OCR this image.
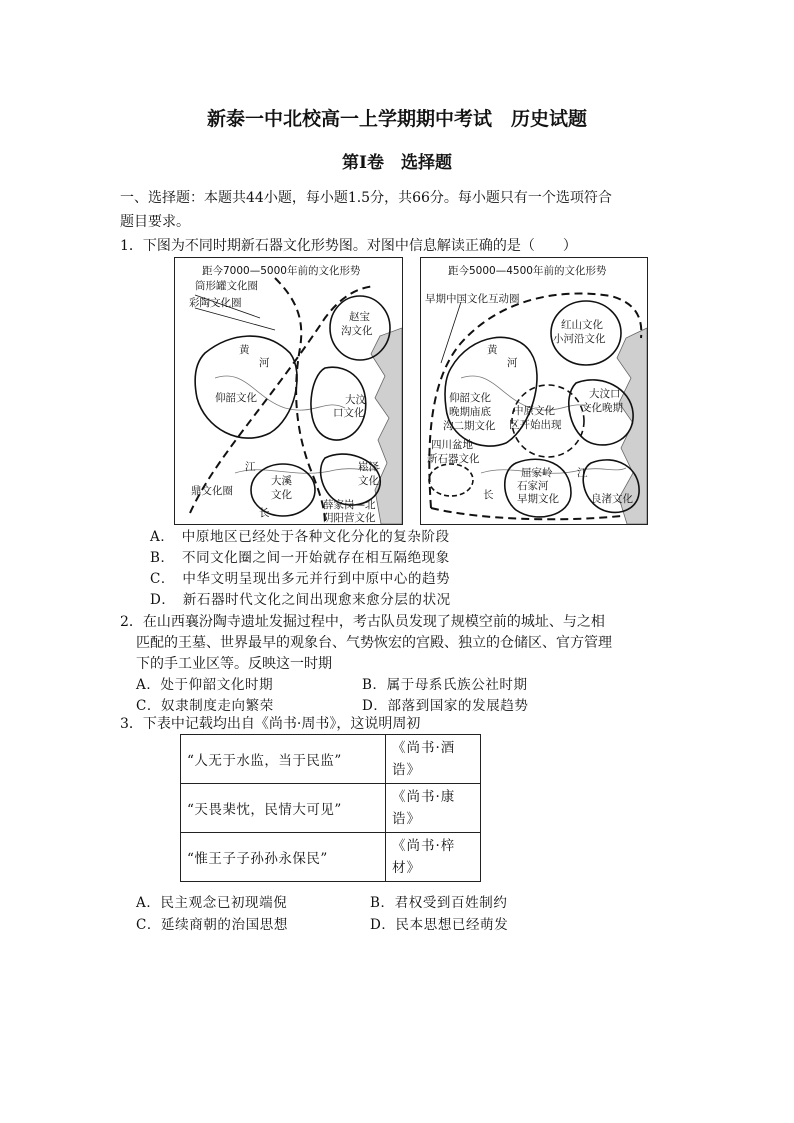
新泰一中北校高一上学期期中考试　历史试题
第Ⅰ卷　选择题
一、选择题：本题共44小题，每小题1.5分，共66分。每小题只有一个选项符合
题目要求。
1．下图为不同时期新石器文化形势图。对图中信息解读正确的是（　　）
距今7000—5000年前的文化形势
筒形罐文化圈
彩陶文化圈
赵宝
沟文化
黄
河
仰韶文化	大汶
口文化
江
大溪
文化
崧泽
文化
鼎文化圈
长
薛家岗—北
阴阳营文化
距今5000—4500年前的文化形势
早期中国文化互动圈
红山文化
小河沿文化
黄
河
大汶口
文化晚期
仰韶文化
晚期庙底
沟二期文化
中原文化
区开始出现
四川盆地
新石器文化
屈家岭
石家河
早期文化
江
长	良渚文化
A．　中原地区已经处于各种文化分化的复杂阶段
B．　不同文化圈之间一开始就存在相互隔绝现象
C．　中华文明呈现出多元并行到中原中心的趋势
D．　新石器时代文化之间出现愈来愈分层的状况
2．在山西襄汾陶寺遗址发掘过程中，考古队员发现了规模空前的城址、与之相
匹配的王墓、世界最早的观象台、气势恢宏的宫殿、独立的仓储区、官方管理
下的手工业区等。反映这一时期
A．处于仰韶文化时期	B．属于母系氏族公社时期
C．奴隶制度走向繁荣	D．部落到国家的发展趋势
3．下表中记载均出自《尚书·周书》，这说明周初
“人无于水监，当于民监”	《尚书·酒
诰》

“天畏棐忱，民情大可见”	《尚书·康
诰》

“惟王子子孙孙永保民”	《尚书·梓
材》
A．民主观念已初现端倪	B．君权受到百姓制约
C．延续商朝的治国思想	D．民本思想已经萌发
